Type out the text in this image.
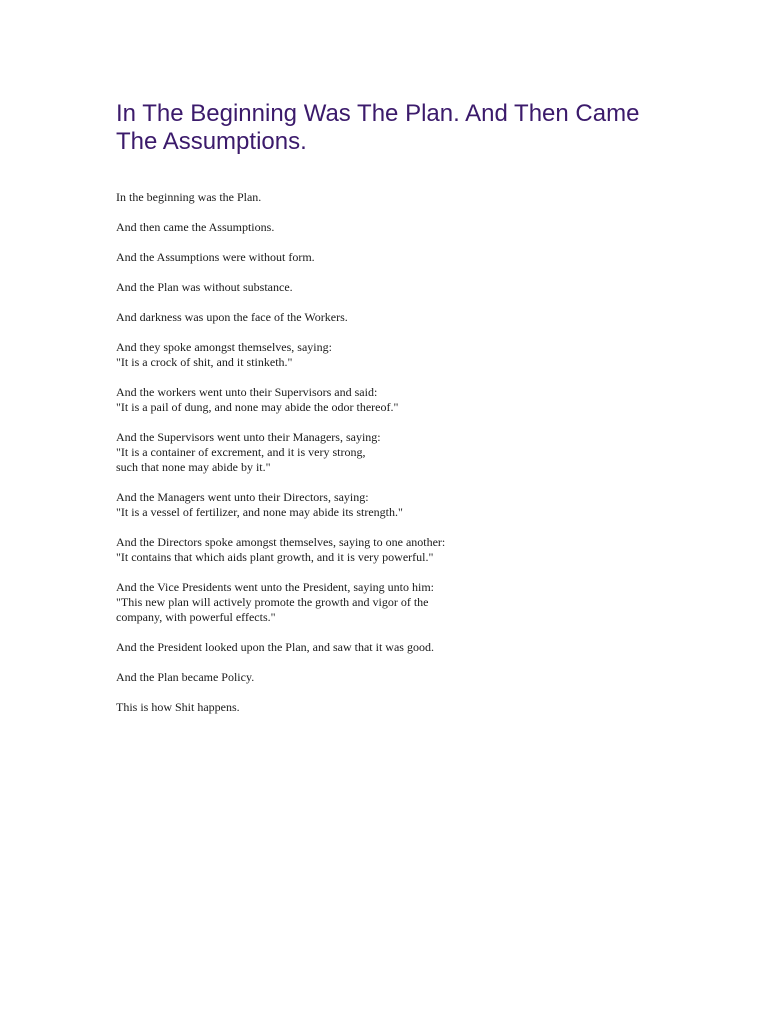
In The Beginning Was The Plan. And Then Came The Assumptions.

In the beginning was the Plan.

And then came the Assumptions.

And the Assumptions were without form.

And the Plan was without substance.

And darkness was upon the face of the Workers.

And they spoke amongst themselves, saying:
"It is a crock of shit, and it stinketh."

And the workers went unto their Supervisors and said:
"It is a pail of dung, and none may abide the odor thereof."

And the Supervisors went unto their Managers, saying:
"It is a container of excrement, and it is very strong,
such that none may abide by it."

And the Managers went unto their Directors, saying:
"It is a vessel of fertilizer, and none may abide its strength."

And the Directors spoke amongst themselves, saying to one another:
"It contains that which aids plant growth, and it is very powerful."

And the Vice Presidents went unto the President, saying unto him:
"This new plan will actively promote the growth and vigor of the
company, with powerful effects."

And the President looked upon the Plan, and saw that it was good.

And the Plan became Policy.

This is how Shit happens.
